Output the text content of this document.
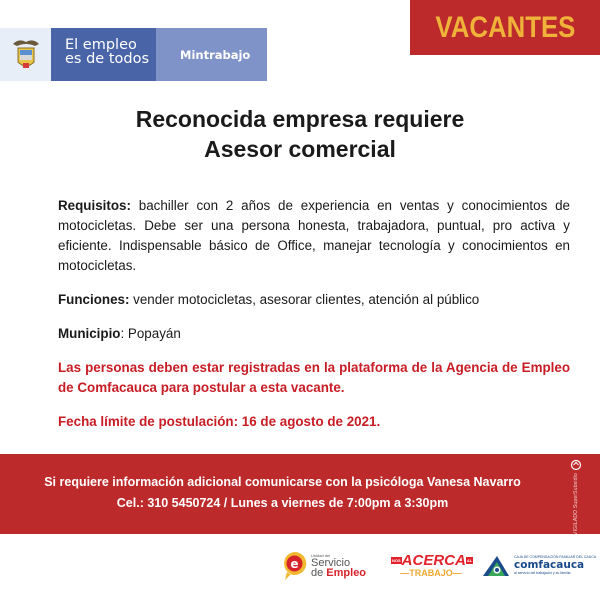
El empleo
es de todos	Mintrabajo
VACANTES
Reconocida empresa requiere
Asesor comercial

Requisitos: bachiller con 2 años de experiencia en ventas y conocimientos de motocicletas. Debe ser una persona honesta, trabajadora, puntual, pro activa y eficiente. Indispensable básico de Office, manejar tecnología y conocimientos en motocicletas.

Funciones: vender motocicletas, asesorar clientes, atención al público

Municipio: Popayán

Las personas deben estar registradas en la plataforma de la Agencia de Empleo de Comfacauca para postular a esta vacante.

Fecha límite de postulación: 16 de agosto de 2021.

Si requiere información adicional comunicarse con la psicóloga Vanesa Navarro
Cel.: 310 5450724 / Lunes a viernes de 7:00pm a 3:30pm	VIGILADO SuperSubsidio
e
Unidad del
Servicio
de Empleo
NOSACERCAAL
—TRABAJO—
CAJA DE COMPENSACIÓN FAMILIAR DEL CAUCA
comfacauca
al servicio del trabajador y su familia
